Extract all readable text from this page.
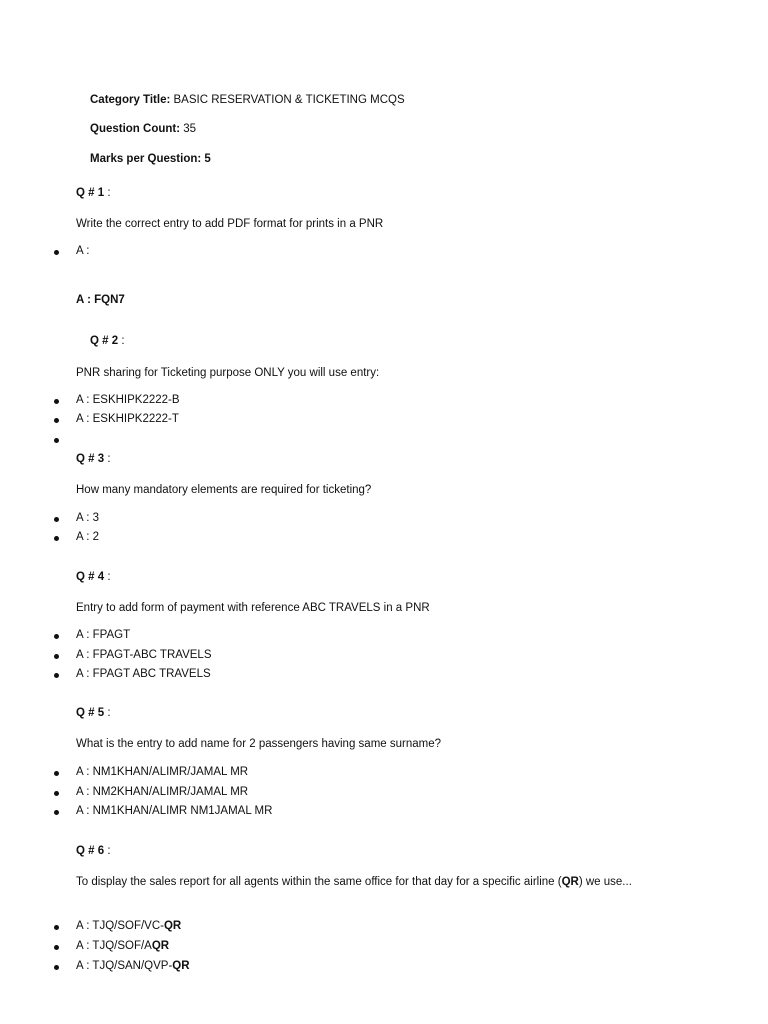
Category Title: BASIC RESERVATION & TICKETING MCQS
Question Count: 35
Marks per Question: 5
Q # 1 :
Write the correct entry to add PDF format for prints in a PNR
A :
A : FQN7
Q # 2 :
PNR sharing for Ticketing purpose ONLY you will use entry:
A : ESKHIPK2222-B
A : ESKHIPK2222-T
Q # 3 :
How many mandatory elements are required for ticketing?
A : 3
A : 2
Q # 4 :
Entry to add form of payment with reference ABC TRAVELS in a PNR
A : FPAGT
A : FPAGT-ABC TRAVELS
A : FPAGT ABC TRAVELS
Q # 5 :
What is the entry to add name for 2 passengers having same surname?
A : NM1KHAN/ALIMR/JAMAL MR
A : NM2KHAN/ALIMR/JAMAL MR
A : NM1KHAN/ALIMR NM1JAMAL MR
Q # 6 :
To display the sales report for all agents within the same office for that day for a specific airline (QR) we use...
A : TJQ/SOF/VC-QR
A : TJQ/SOF/AQR
A : TJQ/SAN/QVP-QR
